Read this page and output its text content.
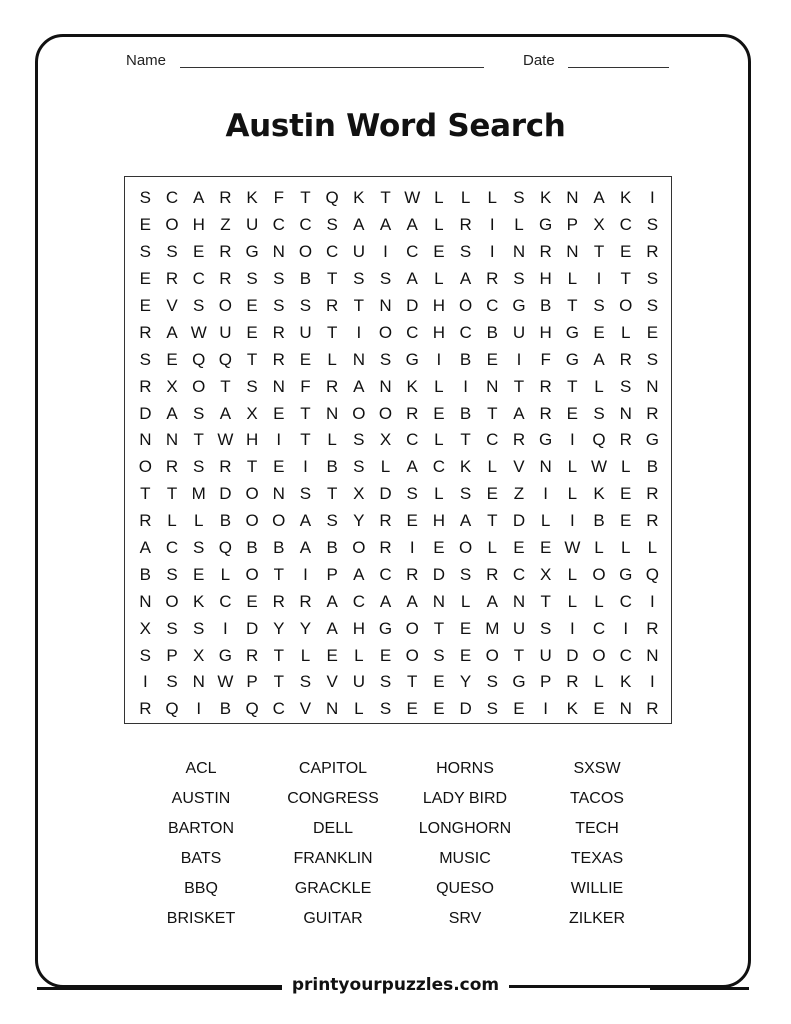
Name	Date
Austin Word Search
S C A R K F T Q K T W L	L	L S K N A K	I
E O H Z U C C S A A A L R	I	L G P X C S
S S E R G N O C U	I	C E S	I	N R N T E R
E R C R S S B T S S A L A R S H L	I	T S
E V S O E S S R T N D H O C G B T S O S
R A W U E R U T	I	O C H C B U H G E L E
S E Q Q T R E L N S G	I	B E	I	F G A R S
R X O T S N F R A N K L	I	N T R T L S N
D A S A X E T N O O R E B T A R E S N R
N N T W H	I	T L S X C L T C R G	I	Q R G
O R S R T E	I	B S L A C K L V N L W L B
T T M D O N S T X D S L S E Z	I	L K E R
R L	L B O O A S Y R E H A T D L	I	B E R
A C S Q B B A B O R	I	E O L E E W L	L	L
B S E L O T	I	P A C R D S R C X L O G Q
N O K C E R R A C A A N L A N T L	L C	I
X S S	I	D Y Y A H G O T E M U S	I	C	I	R
S P X G R T L E L E O S E O T U D O C N
I	S N W P T S V U S T E Y S G P R L K	I
R Q	I	B Q C V N L S E E D S E	I	K E N R
ACL	CAPITOL	HORNS	SXSW
AUSTIN	CONGRESS	LADY BIRD	TACOS
BARTON	DELL	LONGHORN	TECH
BATS	FRANKLIN	MUSIC	TEXAS
BBQ	GRACKLE	QUESO	WILLIE
BRISKET	GUITAR	SRV	ZILKER
printyourpuzzles.com
